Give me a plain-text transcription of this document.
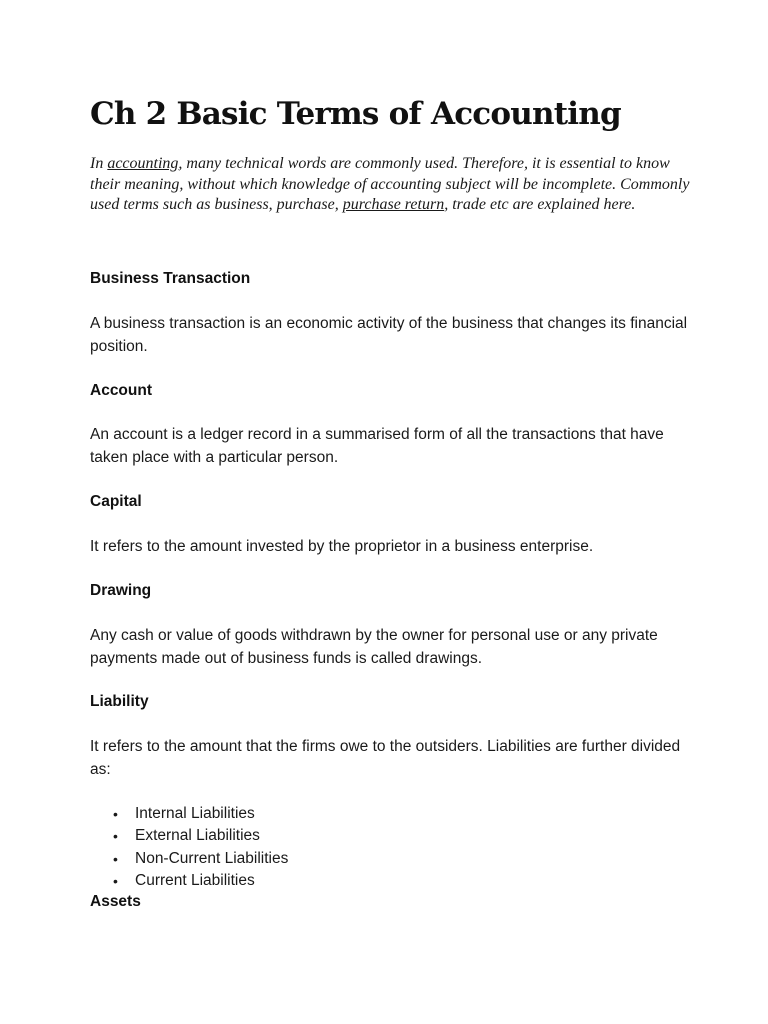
Ch 2 Basic Terms of Accounting

In accounting, many technical words are commonly used. Therefore, it is essential to know their meaning, without which knowledge of accounting subject will be incomplete. Commonly used terms such as business, purchase, purchase return, trade etc are explained here.

Business Transaction

A business transaction is an economic activity of the business that changes its financial position.

Account

An account is a ledger record in a summarised form of all the transactions that have taken place with a particular person.

Capital

It refers to the amount invested by the proprietor in a business enterprise.

Drawing

Any cash or value of goods withdrawn by the owner for personal use or any private payments made out of business funds is called drawings.

Liability

It refers to the amount that the firms owe to the outsiders. Liabilities are further divided as:

• Internal Liabilities
• External Liabilities
• Non-Current Liabilities
• Current Liabilities
Assets
